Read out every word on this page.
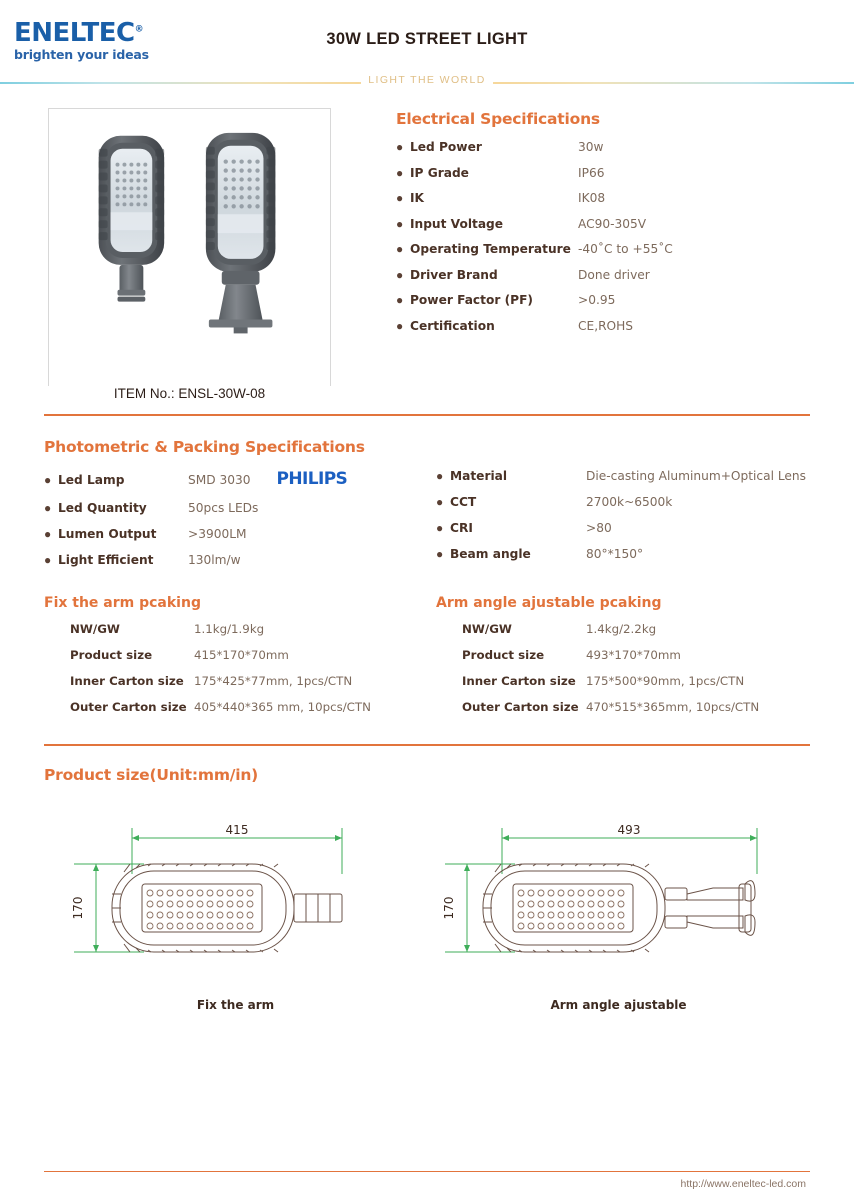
ENELTEC®
brighten your ideas
30W LED STREET LIGHT
LIGHT THE WORLD
ITEM No.: ENSL-30W-08
Electrical Specifications
● Led Power	30w
● IP Grade	IP66
● IK	IK08
● Input Voltage	AC90-305V
● Operating Temperature -40˚C to +55˚C
● Driver Brand	Done driver
● Power Factor (PF)	>0.95
● Certification	CE,ROHS
Photometric & Packing Specifications
● Led Lamp	SMD 3030 PHILIPS
● Led Quantity	50pcs LEDs
● Lumen Output	>3900LM
● Light Efficient	130lm/w
● Material	Die-casting Aluminum+Optical Lens
● CCT	2700k~6500k
● CRI	>80
● Beam angle	80°*150°
Fix the arm pcaking
NW/GW	1.1kg/1.9kg
Product size	415*170*70mm
Inner Carton size 175*425*77mm, 1pcs/CTN
Outer Carton size 405*440*365 mm, 10pcs/CTN
Arm angle ajustable pcaking
NW/GW	1.4kg/2.2kg
Product size	493*170*70mm
Inner Carton size 175*500*90mm, 1pcs/CTN
Outer Carton size 470*515*365mm, 10pcs/CTN
Product size(Unit:mm/in)
415
170
Fix the arm
493
170
Arm angle ajustable
http://www.eneltec-led.com
